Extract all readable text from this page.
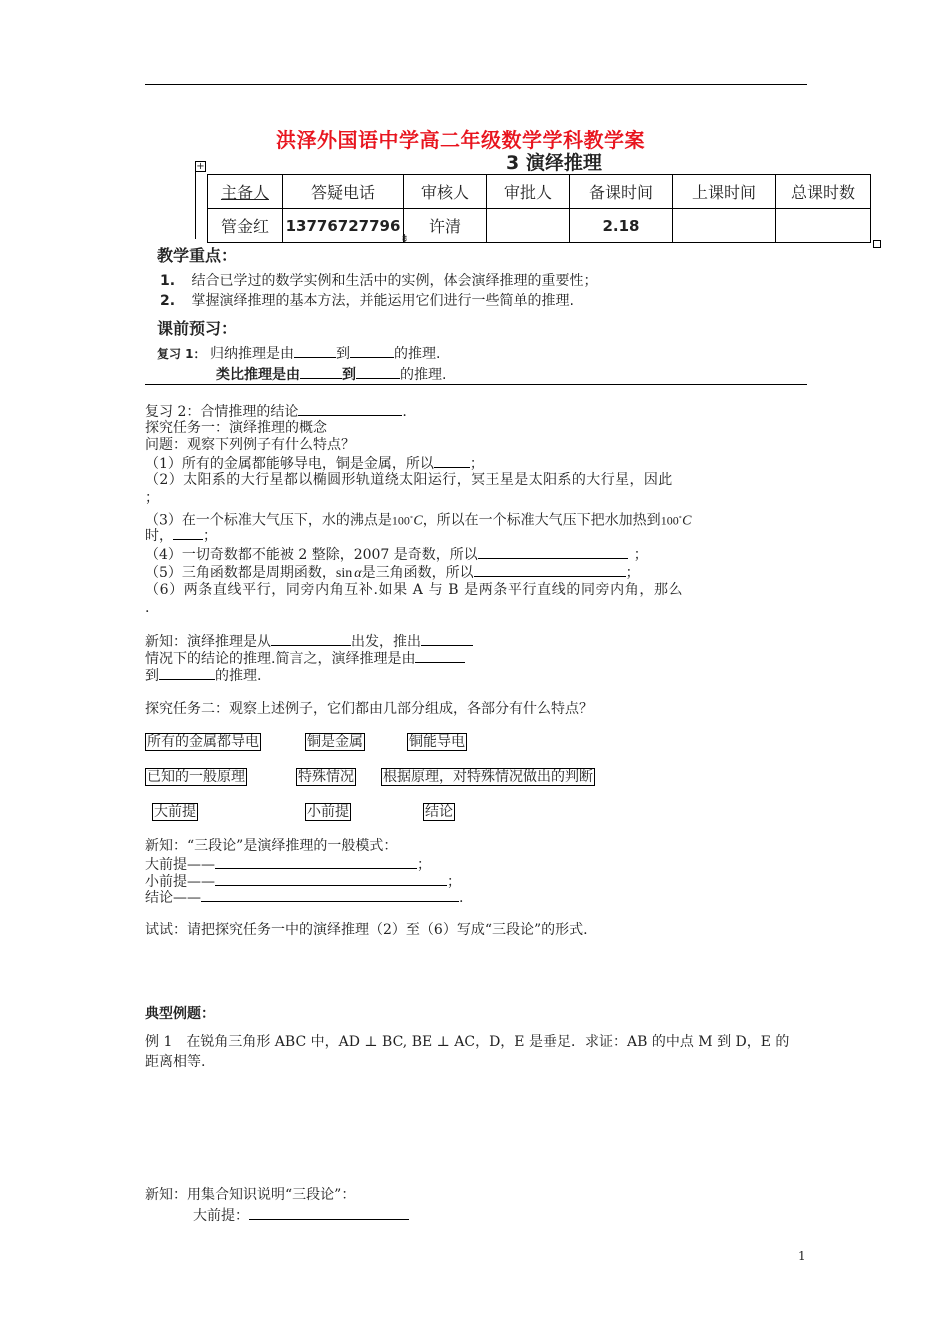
洪泽外国语中学高二年级数学学科教学案
3 演绎推理
+
主备人	答疑电话	审核人	审批人	备课时间	上课时间	总课时数
管金红	13776727796	许清		2.18		
⇟
教学重点：
1. 结合已学过的数学实例和生活中的实例，体会演绎推理的重要性；
2. 掌握演绎推理的基本方法，并能运用它们进行一些简单的推理.
课前预习：
复习 1： 归纳推理是由	到	的推理.
类比推理是由	到	的推理.
复习 2：合情推理的结论	.
探究任务一：演绎推理的概念
问题：观察下列例子有什么特点？
（1）所有的金属都能够导电，铜是金属，所以	；
（2）太阳系的大行星都以椭圆形轨道绕太阳运行，冥王星是太阳系的大行星，因此
；
（3）在一个标准大气压下，水的沸点是100∘C，所以在一个标准大气压下把水加热到100∘C
时， ；
（4）一切奇数都不能被 2 整除，2007 是奇数，所以	；
（5）三角函数都是周期函数，sin α是三角函数，所以	；
（6）两条直线平行，同旁内角互补.如果 A 与 B 是两条平行直线的同旁内角，那么
.
新知：演绎推理是从	出发，推出
情况下的结论的推理.简言之，演绎推理是由
到	的推理.
探究任务二：观察上述例子，它们都由几部分组成，各部分有什么特点？
所有的金属都导电	铜是金属	铜能导电
已知的一般原理	特殊情况 根据原理，对特殊情况做出的判断
大前提	小前提	结论
新知：“三段论”是演绎推理的一般模式：
大前提——	；
小前提——	；
结论——	.
试试：请把探究任务一中的演绎推理（2）至（6）写成“三段论”的形式.
典型例题：
例 1　在锐角三角形 ABC 中，AD ⊥ BC, BE ⊥ AC，D，E 是垂足．求证：AB 的中点 M 到 D，E 的
距离相等.
新知：用集合知识说明“三段论”：
大前提：
1
